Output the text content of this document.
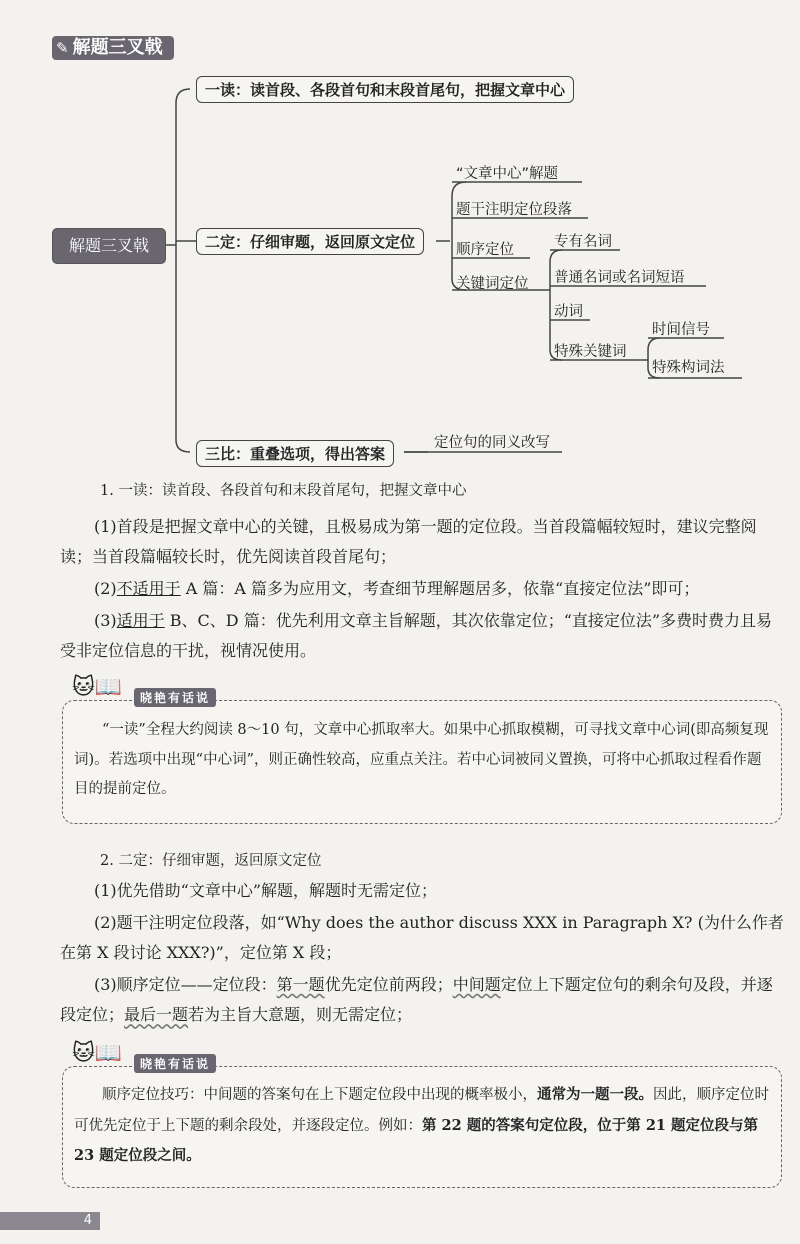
✎ 解题三叉戟
解题三叉戟
一读：读首段、各段首句和末段首尾句，把握文章中心
二定：仔细审题，返回原文定位
三比：重叠选项，得出答案
“文章中心”解题
题干注明定位段落
顺序定位
关键词定位
专有名词
普通名词或名词短语
动词
特殊关键词
时间信号
特殊构词法
定位句的同义改写
1. 一读：读首段、各段首句和末段首尾句，把握文章中心
(1)首段是把握文章中心的关键，且极易成为第一题的定位段。当首段篇幅较短时，建议完整阅读；当首段篇幅较长时，优先阅读首段首尾句；
(2)不适用于 A 篇：A 篇多为应用文，考查细节理解题居多，依靠“直接定位法”即可；
(3)适用于 B、C、D 篇：优先利用文章主旨解题，其次依靠定位；“直接定位法”多费时费力且易受非定位信息的干扰，视情况使用。
🐱📖	晓艳有话说
“一读”全程大约阅读 8～10 句，文章中心抓取率大。如果中心抓取模糊，可寻找文章中心词(即高频复现词)。若选项中出现“中心词”，则正确性较高，应重点关注。若中心词被同义置换，可将中心抓取过程看作题目的提前定位。
2. 二定：仔细审题，返回原文定位
(1)优先借助“文章中心”解题，解题时无需定位；
(2)题干注明定位段落，如“Why does the author discuss XXX in Paragraph X? (为什么作者在第 X 段讨论 XXX?)”，定位第 X 段；
(3)顺序定位——定位段：第一题优先定位前两段；中间题定位上下题定位句的剩余句及段，并逐段定位；最后一题若为主旨大意题，则无需定位；
🐱📖	晓艳有话说
顺序定位技巧：中间题的答案句在上下题定位段中出现的概率极小，通常为一题一段。因此，顺序定位时可优先定位于上下题的剩余段处，并逐段定位。例如：第 22 题的答案句定位段，位于第 21 题定位段与第 23 题定位段之间。
4
